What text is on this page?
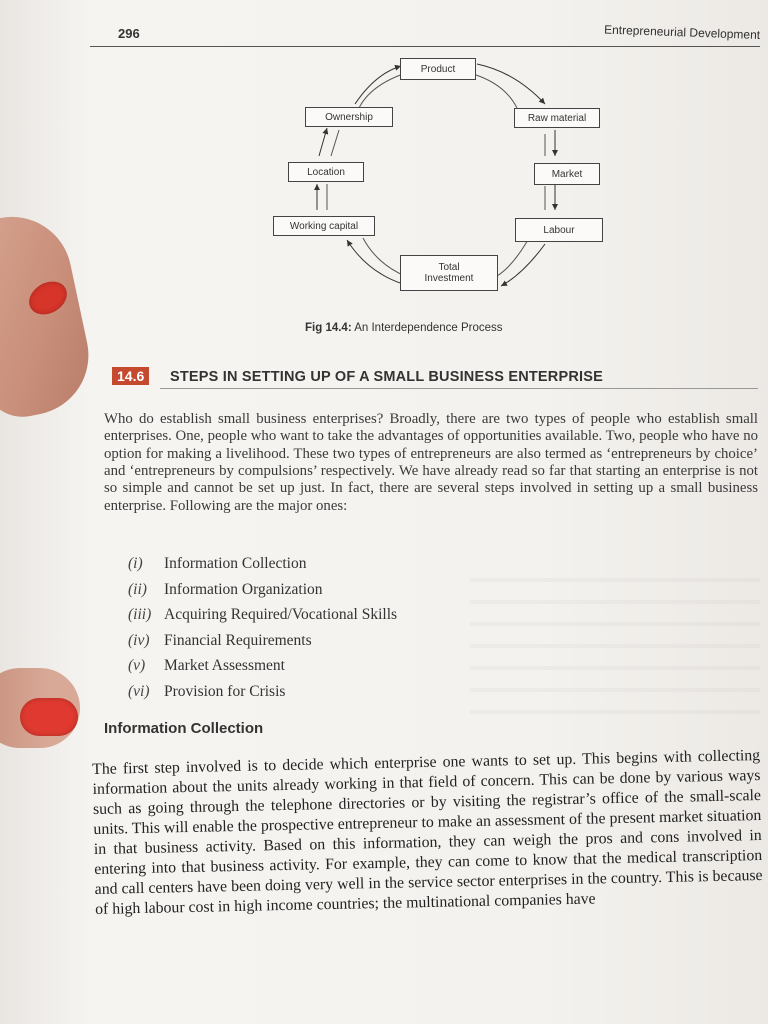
296	Entrepreneurial Development
Product
Ownership	Raw material
Location	Market
Working capital	Labour
Total
Investment
Fig 14.4: An Interdependence Process
14.6	STEPS IN SETTING UP OF A SMALL BUSINESS ENTERPRISE

Who do establish small business enterprises? Broadly, there are two types of people who establish small enterprises. One, people who want to take the advantages of opportunities available. Two, people who have no option for making a livelihood. These two types of entrepreneurs are also termed as ‘entrepreneurs by choice’ and ‘entrepreneurs by compulsions’ respectively. We have already read so far that starting an enterprise is not so simple and cannot be set up just. In fact, there are several steps involved in setting up a small business enterprise. Following are the major ones:

(i) Information Collection
(ii) Information Organization
(iii) Acquiring Required/Vocational Skills
(iv) Financial Requirements
(v) Market Assessment
(vi) Provision for Crisis
Information Collection

The first step involved is to decide which enterprise one wants to set up. This begins with collecting information about the units already working in that field of concern. This can be done by various ways such as going through the telephone directories or by visiting the registrar’s office of the small-scale units. This will enable the prospective entrepreneur to make an assessment of the present market situation in that business activity. Based on this information, they can weigh the pros and cons involved in entering into that business activity. For example, they can come to know that the medical transcription and call centers have been doing very well in the service sector enterprises in the country. This is because of high labour cost in high income countries; the multinational companies have
